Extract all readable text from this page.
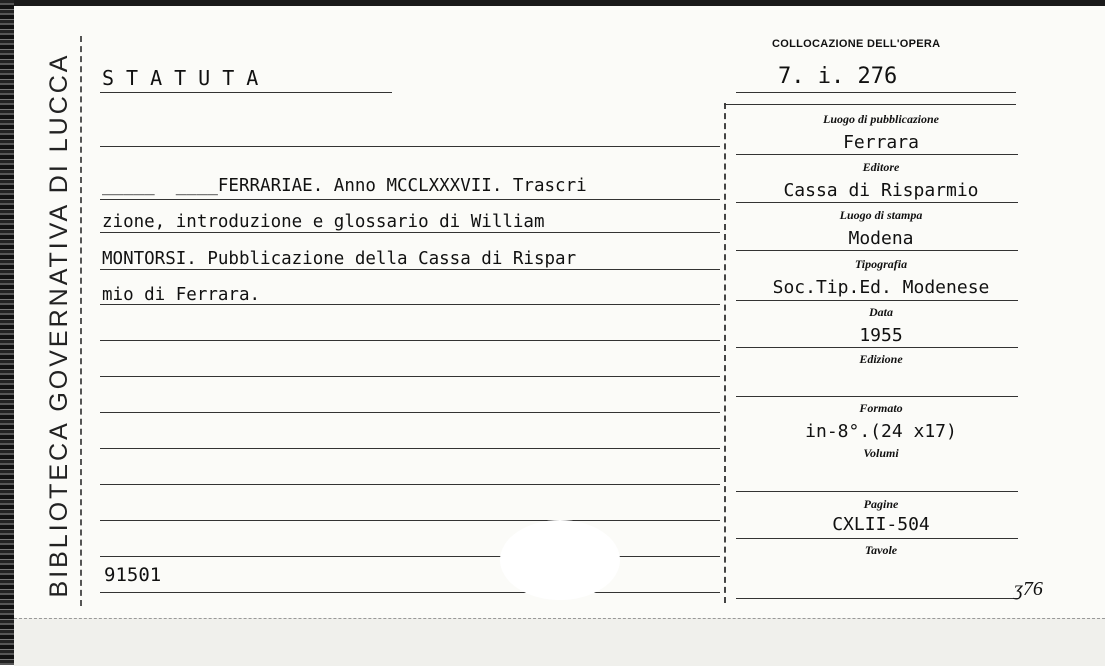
BIBLIOTECA GOVERNATIVA DI LUCCA	STATUTA
COLLOCAZIONE DELL'OPERA
7. i. 276
_____  ____FERRARIAE. Anno MCCLXXXVII. Trascri
zione, introduzione e glossario di William
MONTORSI. Pubblicazione della Cassa di Rispar
mio di Ferrara.
91501
Luogo di pubblicazione
Ferrara
Editore
Cassa di Risparmio
Luogo di stampa
Modena
Tipografia
Soc.Tip.Ed. Modenese
Data
1955
Edizione
Formato
in-8°.(24 x17)
Volumi
Pagine
CXLII-504
Tavole
ʒ76
